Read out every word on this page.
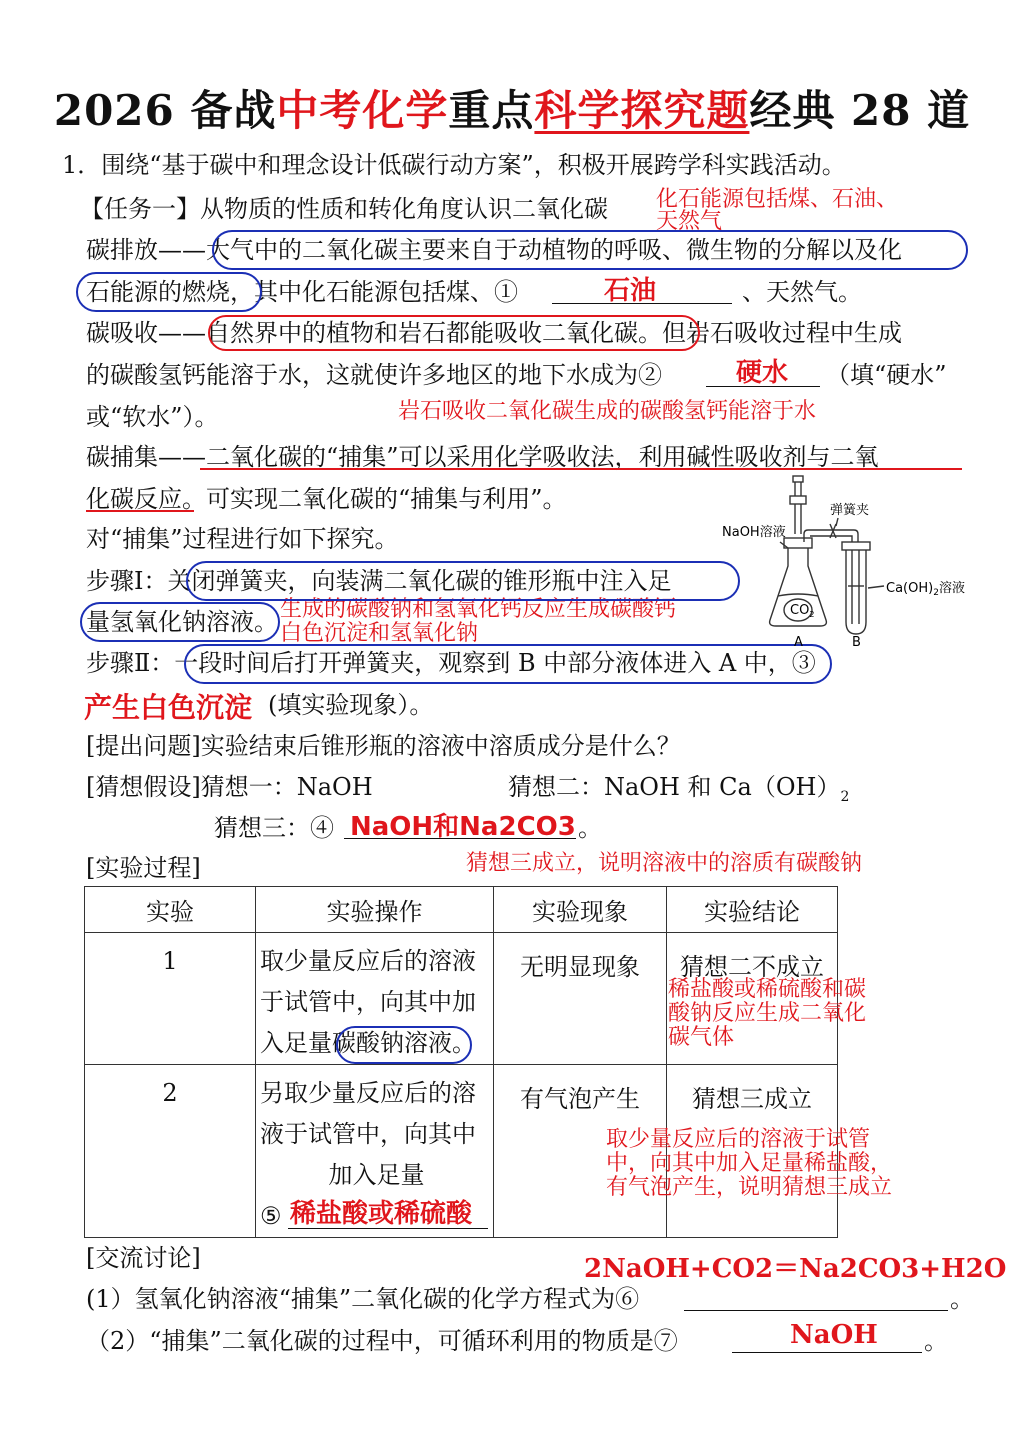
2026 备战中考化学重点科学探究题经典 28 道
1．围绕“基于碳中和理念设计低碳行动方案”，积极开展跨学科实践活动。
【任务一】从物质的性质和转化角度认识二氧化碳
碳排放——大气中的二氧化碳主要来自于动植物的呼吸、微生物的分解以及化
石能源的燃烧，其中化石能源包括煤、①	石油	、天然气。
碳吸收——自然界中的植物和岩石都能吸收二氧化碳。但岩石吸收过程中生成
的碳酸氢钙能溶于水，这就使许多地区的地下水成为②	硬水 （填“硬水”
或“软水”）。
碳捕集——二氧化碳的“捕集”可以采用化学吸收法，利用碱性吸收剂与二氧
化碳反应。可实现二氧化碳的“捕集与利用”。
对“捕集”过程进行如下探究。
步骤Ⅰ：关闭弹簧夹，向装满二氧化碳的锥形瓶中注入足
量氢氧化钠溶液。
步骤Ⅱ：一段时间后打开弹簧夹，观察到 B 中部分液体进入 A 中，③
产生白色沉淀 (填实验现象）。
[提出问题]实验结束后锥形瓶的溶液中溶质成分是什么？
[猜想假设]猜想一：NaOH	猜想二：NaOH 和 $Ca(OH)_2$
猜想三：④ NaOH和Na2CO3 。
[实验过程]
实验	实验操作	实验现象	实验结论

1	取少量反应后的溶液
于试管中，向其中加
入足量碳酸钠溶液。	无明显现象	猜想二不成立

2	另取少量反应后的溶
液于试管中，向其中
加入足量
⑤	有气泡产生	猜想三成立
稀盐酸或稀硫酸
[交流讨论]
(1）氢氧化钠溶液“捕集”二氧化碳的化学方程式为⑥	。
2NaOH+CO2＝Na2CO3+H2O
（2）“捕集”二氧化碳的过程中，可循环利用的物质是⑦	NaOH 。
化石能源包括煤、石油、
天然气
岩石吸收二氧化碳生成的碳酸氢钙能溶于水
生成的碳酸钠和氢氧化钙反应生成碳酸钙
白色沉淀和氢氧化钠
猜想三成立，说明溶液中的溶质有碳酸钠
稀盐酸或稀硫酸和碳
酸钠反应生成二氧化
碳气体
取少量反应后的溶液于试管
中，向其中加入足量稀盐酸，
有气泡产生，说明猜想三成立
NaOH溶液
弹簧夹
$Ca(OH)_2$溶液
$CO_2$
A	B
